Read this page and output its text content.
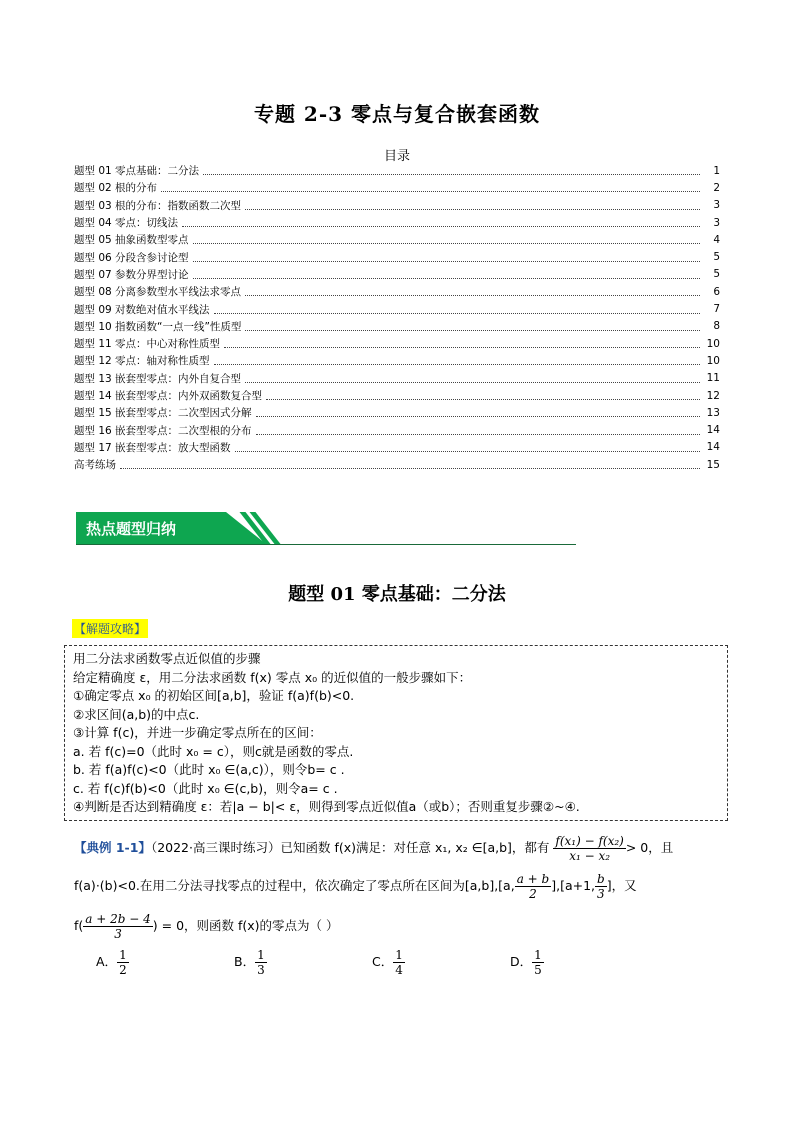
专题 2-3 零点与复合嵌套函数
目录
题型 01 零点基础：二分法	1
题型 02 根的分布	2
题型 03 根的分布：指数函数二次型	3
题型 04 零点：切线法	3
题型 05 抽象函数型零点	4
题型 06 分段含参讨论型	5
题型 07 参数分界型讨论	5
题型 08 分离参数型水平线法求零点	6
题型 09 对数绝对值水平线法	7
题型 10 指数函数“一点一线”性质型	8
题型 11 零点：中心对称性质型	10
题型 12 零点：轴对称性质型	10
题型 13 嵌套型零点：内外自复合型	11
题型 14 嵌套型零点：内外双函数复合型	12
题型 15 嵌套型零点：二次型因式分解	13
题型 16 嵌套型零点：二次型根的分布	14
题型 17 嵌套型零点：放大型函数	14
高考练场	15
热点题型归纳
题型 01 零点基础：二分法
【解题攻略】
用二分法求函数零点近似值的步骤
给定精确度 ε，用二分法求函数 f(x) 零点 x₀ 的近似值的一般步骤如下：
①确定零点 x₀ 的初始区间[a,b]，验证 f(a)f(b)<0.
②求区间(a,b)的中点c.
③计算 f(c)，并进一步确定零点所在的区间：
a. 若 f(c)=0（此时 x₀ = c），则c就是函数的零点.
b. 若 f(a)f(c)<0（此时 x₀ ∈(a,c)），则令b= c .
c. 若 f(c)f(b)<0（此时 x₀ ∈(c,b)，则令a= c .
④判断是否达到精确度 ε：若|a − b|< ε，则得到零点近似值a（或b）；否则重复步骤②~④.
【典例 1-1】（2022·高三课时练习）已知函数 f(x)满足：对任意 x₁, x₂ ∈[a,b]，都有 $\frac{\text{f(x₁) − f(x₂)}}{\text{x₁ − x₂}} > 0$，且
f(a)·(b)<0.在用二分法寻找零点的过程中，依次确定了零点所在区间为[a,b],[a, $\frac{a + b}{2} ],[a+1$, $\frac{b}{3}$ ]，又
$f( \frac{a + 2b - 4}{3}$ ) = 0，则函数 f(x)的零点为（ ）
A． $\frac{1}{2}$	B． $\frac{1}{3}$	C． $\frac{1}{4}$	D． $\frac{1}{5}$
